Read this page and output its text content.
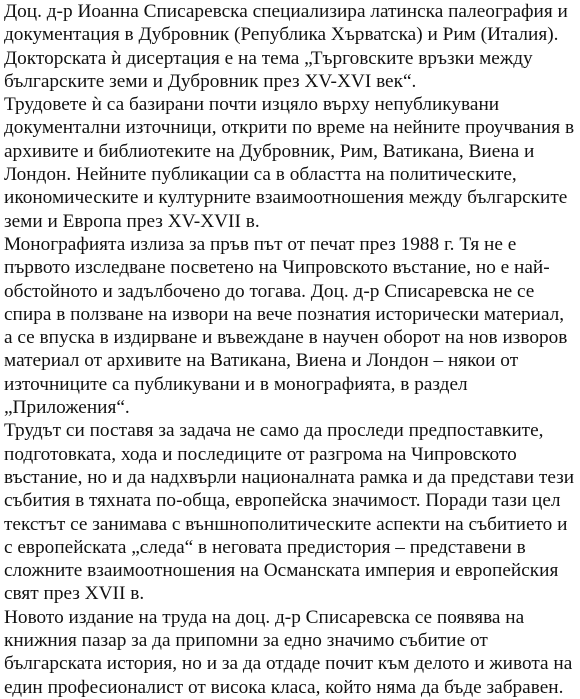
Доц. д-р Иоанна Списаревска специализира латинска палеография и
документация в Дубровник (Република Хърватска) и Рим (Италия).
Докторската ѝ дисертация е на тема „Търговските връзки между
българските земи и Дубровник през XV-XVI век“.
Трудовете ѝ са базирани почти изцяло върху непубликувани
документални източници, открити по време на нейните проучвания в
архивите и библиотеките на Дубровник, Рим, Ватикана, Виена и
Лондон. Нейните публикации са в областта на политическите,
икономическите и културните взаимоотношения между българските
земи и Европа през XV-XVII в.
Монографията излиза за пръв път от печат през 1988 г. Тя не е
първото изследване посветено на Чипровското въстание, но е най-
обстойното и задълбочено до тогава. Доц. д-р Списаревска не се
спира в ползване на извори на вече познатия исторически материал,
а се впуска в издирване и въвеждане в научен оборот на нов изворов
материал от архивите на Ватикана, Виена и Лондон – някои от
източниците са публикувани и в монографията, в раздел
„Приложения“.
Трудът си поставя за задача не само да проследи предпоставките,
подготовката, хода и последиците от разгрома на Чипровското
въстание, но и да надхвърли националната рамка и да представи тези
събития в тяхната по-обща, европейска значимост. Поради тази цел
текстът се занимава с външнополитическите аспекти на събитието и
с европейската „следа“ в неговата предистория – представени в
сложните взаимоотношения на Османската империя и европейския
свят през XVII в.
Новото издание на труда на доц. д-р Списаревска се появява на
книжния пазар за да припомни за едно значимо събитие от
българската история, но и за да отдаде почит към делото и живота на
един професионалист от висока класа, който няма да бъде забравен.
